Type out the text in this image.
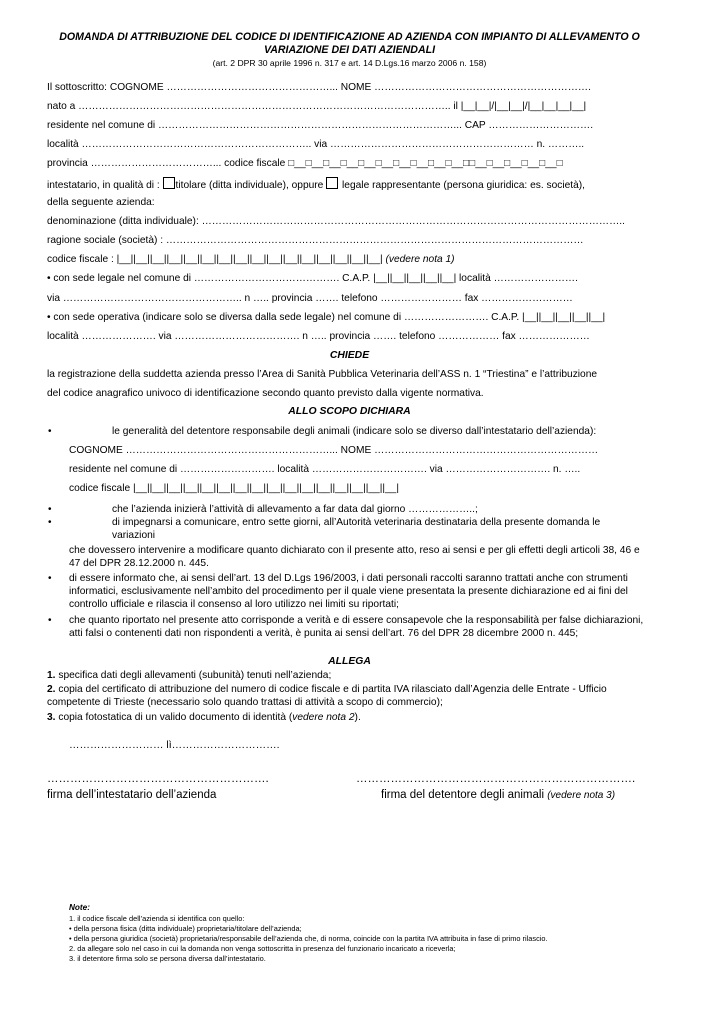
DOMANDA DI ATTRIBUZIONE DEL CODICE DI IDENTIFICAZIONE AD AZIENDA CON IMPIANTO DI ALLEVAMENTO O
VARIAZIONE DEI DATI AZIENDALI
(art. 2 DPR 30 aprile 1996 n. 317 e art. 14 D.Lgs.16 marzo 2006 n. 158)
Il sottoscritto: COGNOME …………………………………………... NOME ……………………………………………………….
nato a ……………………………………………………………………………………………….. il |__|__|/|__|__|/|__|__|__|__|
residente nel comune di ……………………………………………………………………………... CAP ………………………….
località ………………………………………………………….. via …………………………………………………… n. ………..
provincia ………………………………... codice fiscale □__□__□__□__□__□__□__□__□__□__□□__□__□__□__□__□
intestatario, in qualità di : titolare (ditta individuale), oppure legale rappresentante (persona giuridica: es. società),
della seguente azienda:
denominazione (ditta individuale): ……………………………………………………………………………………………………………..
ragione sociale (società) : ……………………………………………………………………………………………………………
codice fiscale : |__||__||__||__||__||__||__||__||__||__||__||__||__||__||__||__| (vedere nota 1)
• con sede legale nel comune di ……………………………………. C.A.P. |__||__||__||__||__| località …………………….
via …………………………………………….. n ….. provincia ……. telefono …………………… fax ………………………
• con sede operativa (indicare solo se diversa dalla sede legale) nel comune di ……………………. C.A.P. |__||__||__||__||__|
località …………………. via ………………………………. n ….. provincia ……. telefono ……………… fax …………………
CHIEDE
la registrazione della suddetta azienda presso l’Area di Sanità Pubblica Veterinaria dell’ASS n. 1 “Triestina” e l’attribuzione
del codice anagrafico univoco di identificazione secondo quanto previsto dalla vigente normativa.
ALLO SCOPO DICHIARA
•	le generalità del detentore responsabile degli animali (indicare solo se diverso dall’intestatario dell’azienda):
COGNOME ……………………………………………………... NOME …………………………………………………………
residente nel comune di ………………………. località ……………………………. via …………………………. n. …..
codice fiscale |__||__||__||__||__||__||__||__||__||__||__||__||__||__||__||__|
•	che l’azienda inizierà l’attività di allevamento a far data dal giorno ………………..;
•	di impegnarsi a comunicare, entro sette giorni, all’Autorità veterinaria destinataria della presente domanda le
variazioni
che dovessero intervenire a modificare quanto dichiarato con il presente atto, reso ai sensi e per gli effetti degli articoli 38, 46 e 47 del DPR 28.12.2000 n. 445.
• di essere informato che, ai sensi dell’art. 13 del D.Lgs 196/2003, i dati personali raccolti saranno trattati anche con strumenti informatici, esclusivamente nell’ambito del procedimento per il quale viene presentata la presente dichiarazione ed ai fini del controllo ufficiale e rilascia il consenso al loro utilizzo nei limiti su riportati;
• che quanto riportato nel presente atto corrisponde a verità e di essere consapevole che la responsabilità per false dichiarazioni, atti falsi o contenenti dati non rispondenti a verità, è punita ai sensi dell’art. 76 del DPR 28 dicembre 2000 n. 445;
ALLEGA
1. specifica dati degli allevamenti (subunità) tenuti nell’azienda;
2. copia del certificato di attribuzione del numero di codice fiscale e di partita IVA rilasciato dall’Agenzia delle Entrate - Ufficio competente di Trieste (necessario solo quando trattasi di attività a scopo di commercio);
3. copia fotostatica di un valido documento di identità (vedere nota 2).
……………………… lì………………………….
………………………………………………….	……………………………………………………………….
firma dell’intestatario dell’azienda	firma del detentore degli animali (vedere nota 3)
Note:
1. il codice fiscale dell’azienda si identifica con quello:
• della persona fisica (ditta individuale) proprietaria/titolare dell’azienda;
• della persona giuridica (società) proprietaria/responsabile dell’azienda che, di norma, coincide con la partita IVA attribuita in fase di primo rilascio.
2. da allegare solo nel caso in cui la domanda non venga sottoscritta in presenza del funzionario incaricato a riceverla;
3. il detentore firma solo se persona diversa dall’intestatario.
